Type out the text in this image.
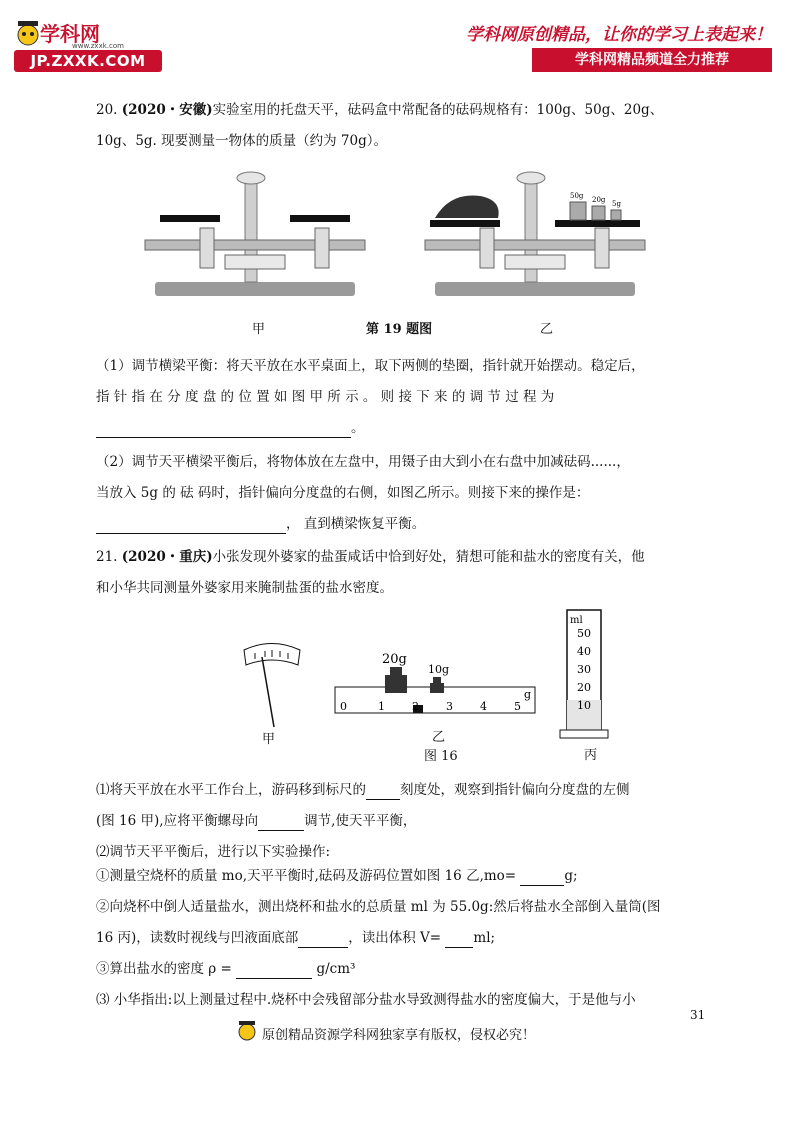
学科网
www.zxxk.com
JP.ZXXK.COM
学科网原创精品，让你的学习上表起来！
学科网精品频道全力推荐
20. (2020・安徽)实验室用的托盘天平，砝码盒中常配备的砝码规格有：100g、50g、20g、
10g、5g. 现要测量一物体的质量（约为 70g）。
50g 20g 5g
甲	第 19 题图	乙
（1）调节横梁平衡：将天平放在水平桌面上，取下两侧的垫圈，指针就开始摆动。稳定后，
指 针 指 在 分 度 盘 的 位 置 如 图 甲 所 示 。 则 接 下 来 的 调 节 过 程 为
。
（2）调节天平横梁平衡后，将物体放在左盘中，用镊子由大到小在右盘中加减砝码......，
当放入 5g 的 砝 码时，指针偏向分度盘的右侧，如图乙所示。则接下来的操作是：
， 直到横梁恢复平衡。
21. (2020・重庆)小张发现外婆家的盐蛋咸话中恰到好处，猜想可能和盐水的密度有关，他
和小华共同测量外婆家用来腌制盐蛋的盐水密度。
20g
10g
0	1 2 3 4 5
g
ml
50
40
30
20
10
甲	乙
丙
图 16
⑴将天平放在水平工作台上，游码移到标尺的	刻度处，观察到指针偏向分度盘的左侧
(图 16 甲),应将平衡螺母向	调节,使天平平衡，
⑵调节天平平衡后，进行以下实验操作:
①测量空烧杯的质量 mo,天平平衡时,砝码及游码位置如图 16 乙,mo=	g;
②向烧杯中倒人适量盐水，测出烧杯和盐水的总质量 ml 为 55.0g:然后将盐水全部倒入量筒(图
16 丙)，读数时视线与凹液面底部	，读出体积 V= ml;
③算出盐水的密度 ρ =	g/cm³
⑶ 小华指出:以上测量过程中.烧杯中会残留部分盐水导致测得盐水的密度偏大，于是他与小
31
原创精品资源学科网独家享有版权，侵权必究！
